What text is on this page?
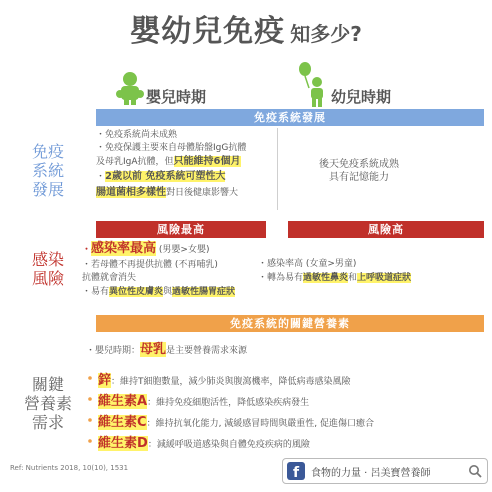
嬰幼兒免疫 知多少?
嬰兒時期	幼兒時期
免疫系統發展
免疫
系統
發展
・免疫系統尚未成熟
・免疫保護主要來自母體胎盤IgG抗體
及母乳IgA抗體，但只能維持6個月
・2歲以前 免疫系統可塑性大
腸道菌相多樣性對日後健康影響大
後天免疫系統成熟
具有記憶能力
風險最高	風險高
感染
風險
・感染率最高 (男嬰>女嬰)
・若母體不再提供抗體 (不再哺乳)
抗體就會消失
・易有異位性皮膚炎與過敏性腸胃症狀
・感染率高 (女童>男童)
・轉為易有過敏性鼻炎和上呼吸道症狀
免疫系統的關鍵營養素
・嬰兒時期：母乳是主要營養需求來源
關鍵
營養素
需求
・鋅：維持T細胞數量，減少肺炎與腹瀉機率，降低病毒感染風險
・維生素A：維持免疫細胞活性，降低感染疾病發生
・維生素C：維持抗氧化能力, 減緩感冒時間與嚴重性, 促進傷口癒合
・維生素D：減緩呼吸道感染與自體免疫疾病的風險
Ref: Nutrients 2018, 10(10), 1531	f 食物的力量 · 呂美寶營養師
